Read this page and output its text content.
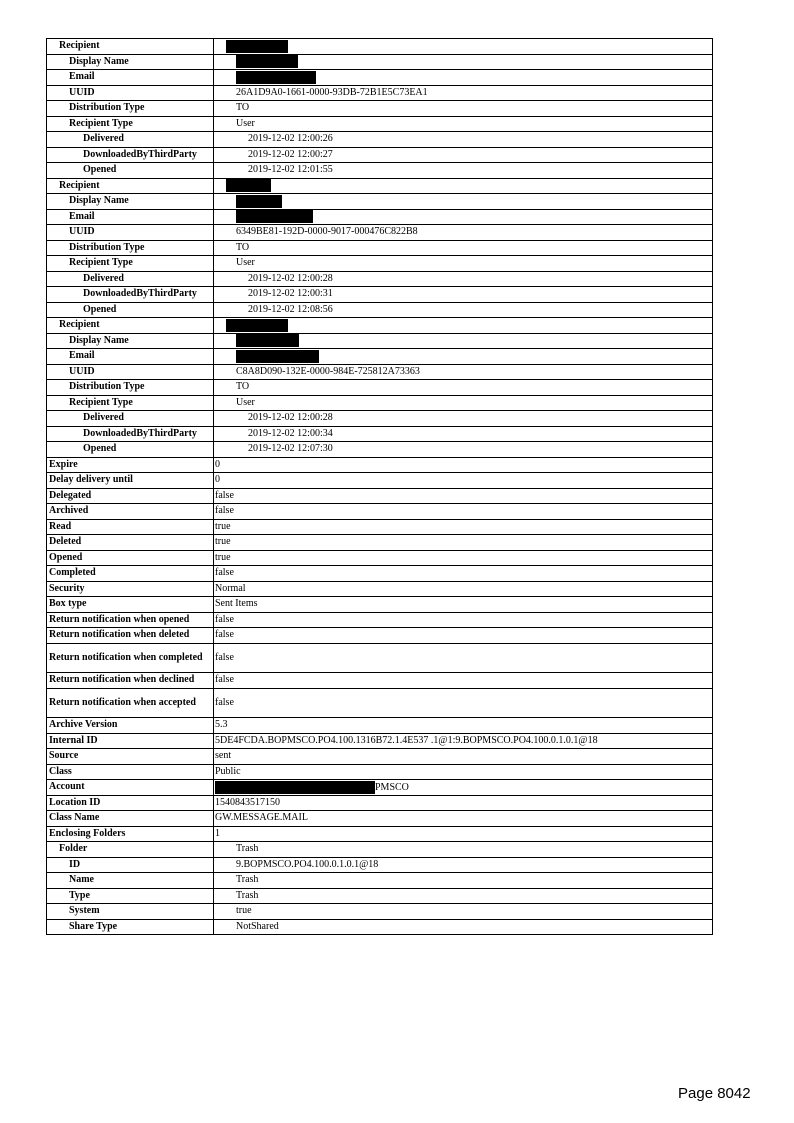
Recipient	
Display Name	
Email	
UUID	26A1D9A0-1661-0000-93DB-72B1E5C73EA1
Distribution Type	TO
Recipient Type	User
Delivered	2019-12-02 12:00:26
DownloadedByThirdParty	2019-12-02 12:00:27
Opened	2019-12-02 12:01:55
Recipient	
Display Name	
Email	
UUID	6349BE81-192D-0000-9017-000476C822B8
Distribution Type	TO
Recipient Type	User
Delivered	2019-12-02 12:00:28
DownloadedByThirdParty	2019-12-02 12:00:31
Opened	2019-12-02 12:08:56
Recipient	
Display Name	
Email	
UUID	C8A8D090-132E-0000-984E-725812A73363
Distribution Type	TO
Recipient Type	User
Delivered	2019-12-02 12:00:28
DownloadedByThirdParty	2019-12-02 12:00:34
Opened	2019-12-02 12:07:30
Expire	0
Delay delivery until	0
Delegated	false
Archived	false
Read	true
Deleted	true
Opened	true
Completed	false
Security	Normal
Box type	Sent Items
Return notification when opened	false
Return notification when deleted	false
Return notification when completed	false
Return notification when declined	false
Return notification when accepted	false
Archive Version	5.3
Internal ID	5DE4FCDA.BOPMSCO.PO4.100.1316B72.1.4E537 .1@1:9.BOPMSCO.PO4.100.0.1.0.1@18
Source	sent
Class	Public
Account	PMSCO
Location ID	1540843517150
Class Name	GW.MESSAGE.MAIL
Enclosing Folders	1
Folder	Trash
ID	9.BOPMSCO.PO4.100.0.1.0.1@18
Name	Trash
Type	Trash
System	true
Share Type	NotShared
Page 8042
